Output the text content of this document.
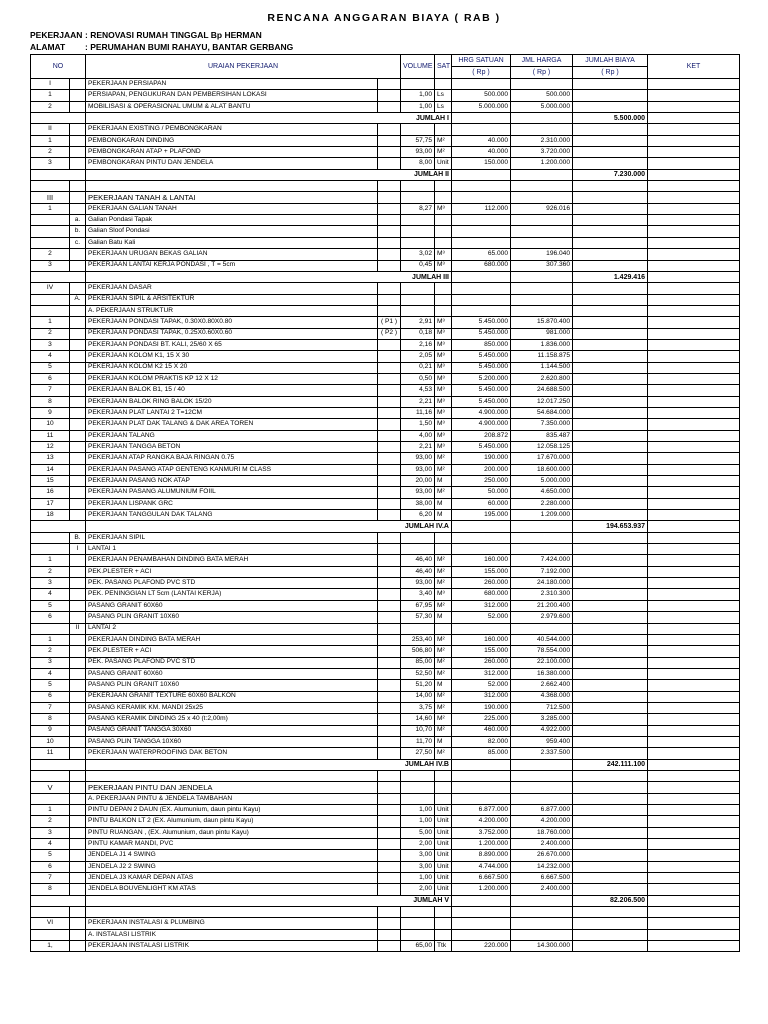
RENCANA ANGGARAN BIAYA ( RAB )
PEKERJAAN : RENOVASI RUMAH TINGGAL Bp HERMAN
ALAMAT : PERUMAHAN BUMI RAHAYU, BANTAR GERBANG
NO		URAIAN PEKERJAAN		VOLUME	SAT	HRG SATUAN	JML HARGA	JUMLAH BIAYA	KET
						( Rp )	( Rp )	( Rp )	
I		PEKERJAAN PERSIAPAN							
1		PERSIAPAN, PENGUKURAN DAN PEMBERSIHAN LOKASI		1,00	Ls	500.000	500.000		
2		MOBILISASI & OPERASIONAL UMUM & ALAT BANTU		1,00	Ls	5.000.000	5.000.000		
		JUMLAH I						5.500.000	
II		PEKERJAAN EXISTING / PEMBONGKARAN							
1		PEMBONGKARAN DINDING		57,75	M²	40.000	2.310.000		
2		PEMBONGKARAN ATAP + PLAFOND		93,00	M²	40.000	3.720.000		
3		PEMBONGKARAN PINTU DAN JENDELA		8,00	Unit	150.000	1.200.000		
		JUMLAH II						7.230.000	

III		PEKERJAAN TANAH & LANTAI							
1		PEKERJAAN GALIAN TANAH		8,27	M³	112.000	926.016		
	a.	Galian Pondasi Tapak							
	b.	Galian Sloof Pondasi							
	c.	Galian Batu Kali							
2		PEKERJAAN URUGAN BEKAS GALIAN		3,02	M³	65.000	196.040		
3		PEKERJAAN LANTAI KERJA PONDASI , T = 5cm		0,45	M³	680.000	307.360		
		JUMLAH III						1.429.416	
IV		PEKERJAAN DASAR							
	A.	PEKERJAAN SIPIL & ARSITEKTUR							
		A. PEKERJAAN STRUKTUR							
1		PEKERJAAN PONDASI TAPAK, 0.30X0.80X0.80	( P1 )	2,91	M³	5.450.000	15.870.400		
2		PEKERJAAN PONDASI TAPAK, 0.25X0.60X0.60	( P2 )	0,18	M³	5.450.000	981.000		
3		PEKERJAAN PONDASI BT. KALI, 25/60 X 65		2,16	M³	850.000	1.836.000		
4		PEKERJAAN KOLOM K1, 15 X 30		2,05	M³	5.450.000	11.158.875		
5		PEKERJAAN KOLOM K2 15 X 20		0,21	M³	5.450.000	1.144.500		
6		PEKERJAAN KOLOM PRAKTIS KP 12 X 12		0,50	M³	5.200.000	2.620.800		
7		PEKERJAAN BALOK B1, 15 / 40		4,53	M³	5.450.000	24.688.500		
8		PEKERJAAN BALOK RING BALOK 15/20		2,21	M³	5.450.000	12.017.250		
9		PEKERJAAN PLAT LANTAI 2 T=12CM		11,16	M³	4.900.000	54.684.000		
10		PEKERJAAN PLAT DAK TALANG & DAK AREA TOREN		1,50	M³	4.900.000	7.350.000		
11		PEKERJAAN TALANG		4,00	M³	208.872	835.487		
12		PEKERJAAN TANGGA BETON		2,21	M³	5.450.000	12.058.125		
13		PEKERJAAN ATAP RANGKA BAJA RINGAN 0.75		93,00	M²	190.000	17.670.000		
14		PEKERJAAN PASANG ATAP GENTENG KANMURI M CLASS		93,00	M²	200.000	18.600.000		
15		PEKERJAAN PASANG NOK ATAP		20,00	M	250.000	5.000.000		
16		PEKERJAAN PASANG ALUMUNIUM FOIIL		93,00	M²	50.000	4.650.000		
17		PEKERJAAN LISPANK GRC		38,00	M	60.000	2.280.000		
18		PEKERJAAN TANGGULAN DAK TALANG		6,20	M	195.000	1.209.000		
		JUMLAH IV.A						194.653.937	
	B.	PEKERJAAN SIPIL							
	I	LANTAI 1							
1		PEKERJAAN PENAMBAHAN DINDING BATA MERAH		46,40	M²	160.000	7.424.000		
2		PEK.PLESTER + ACI		46,40	M²	155.000	7.192.000		
3		PEK. PASANG PLAFOND PVC STD		93,00	M²	260.000	24.180.000		
4		PEK. PENINGGIAN LT 5cm (LANTAI KERJA)		3,40	M³	680.000	2.310.300		
5		PASANG GRANIT 60X60		67,95	M²	312.000	21.200.400		
6		PASANG PLIN GRANIT 10X60		57,30	M	52.000	2.979.600		
	II	LANTAI 2							
1		PEKERJAAN DINDING BATA MERAH		253,40	M²	160.000	40.544.000		
2		PEK.PLESTER + ACI		506,80	M²	155.000	78.554.000		
3		PEK. PASANG PLAFOND PVC STD		85,00	M²	260.000	22.100.000		
4		PASANG GRANIT 60X60		52,50	M²	312.000	16.380.000		
5		PASANG PLIN GRANIT 10X60		51,20	M	52.000	2.662.400		
6		PEKERJAAN GRANIT TEXTURE 60X60 BALKON		14,00	M²	312.000	4.368.000		
7		PASANG KERAMIK KM. MANDI 25x25		3,75	M²	190.000	712.500		
8		PASANG KERAMIK DINDING 25 x 40 (t:2,00m)		14,60	M²	225.000	3.285.000		
9		PASANG GRANIT TANGGA 30X60		10,70	M²	460.000	4.922.000		
10		PASANG PLIN TANGGA 10X60		11,70	M	82.000	959.400		
11		PEKERJAAN WATERPROOFING DAK BETON		27,50	M²	85.000	2.337.500		
		JUMLAH IV.B						242.111.100	

V		PEKERJAAN PINTU DAN JENDELA							
		A. PEKERJAAN PINTU & JENDELA TAMBAHAN							
1		PINTU DEPAN 2 DAUN (EX. Alumunium, daun pintu Kayu)		1,00	Unit	6.877.000	6.877.000		
2		PINTU BALKON LT 2 (EX. Alumunium, daun pintu Kayu)		1,00	Unit	4.200.000	4.200.000		
3		PINTU RUANGAN , (EX. Alumunium, daun pintu Kayu)		5,00	Unit	3.752.000	18.760.000		
4		PINTU KAMAR MANDI, PVC		2,00	Unit	1.200.000	2.400.000		
5		JENDELA J1 4 SWING		3,00	Unit	8.890.000	26.670.000		
6		JENDELA J2 2 SWING		3,00	Unit	4.744.000	14.232.000		
7		JENDELA J3 KAMAR DEPAN ATAS		1,00	Unit	6.667.500	6.667.500		
8		JENDELA BOUVENLIGHT KM ATAS		2,00	Unit	1.200.000	2.400.000		
		JUMLAH V						82.206.500	

VI		PEKERJAAN INSTALASI & PLUMBING							
		A. INSTALASI LISTRIK							
1,		PEKERJAAN INSTALASI LISTRIK		65,00	Ttk	220.000	14.300.000		
